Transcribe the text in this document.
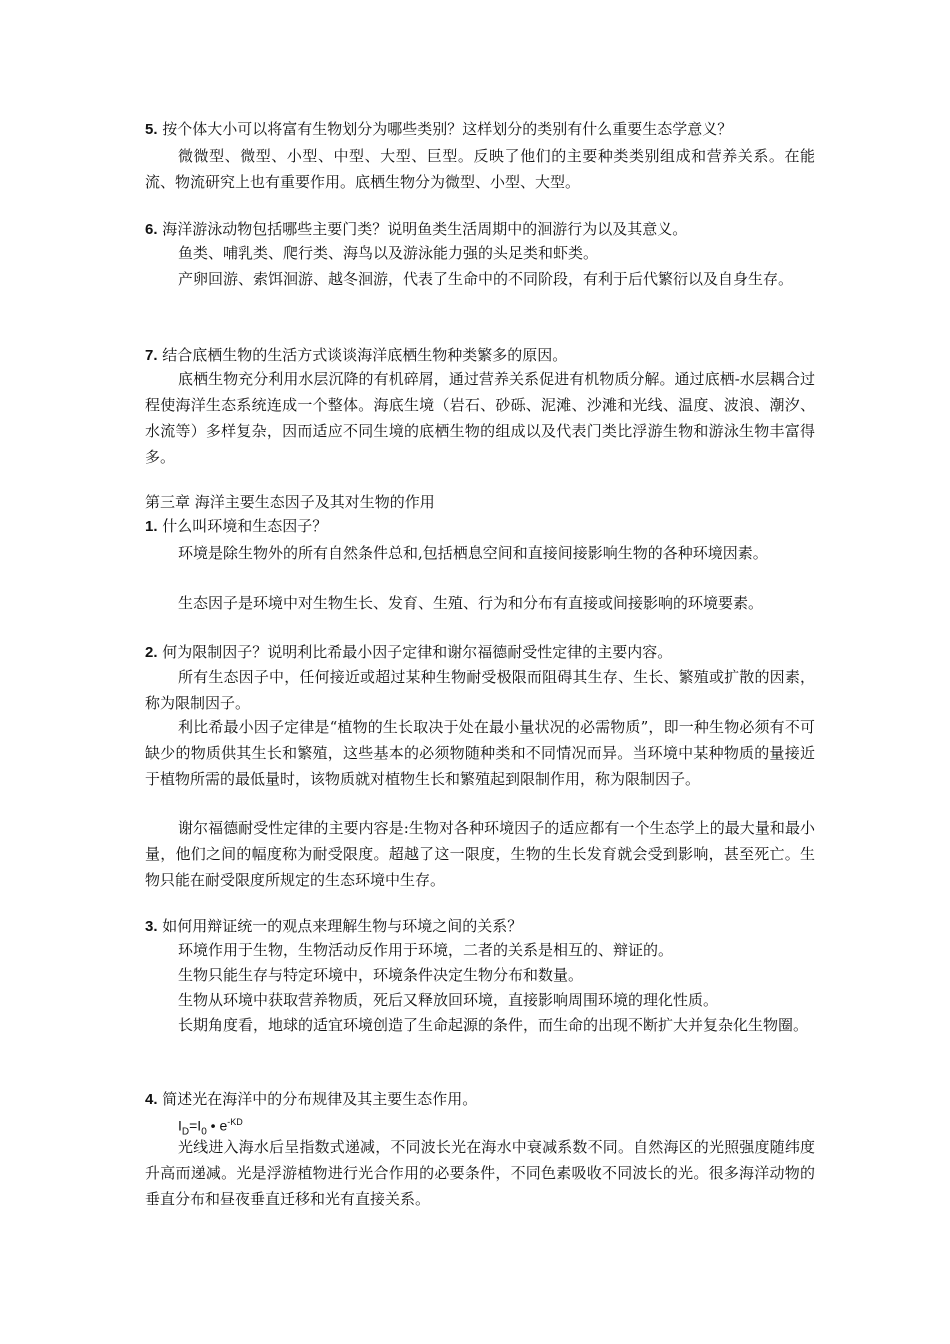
5. 按个体大小可以将富有生物划分为哪些类别？这样划分的类别有什么重要生态学意义？

微微型、微型、小型、中型、大型、巨型。反映了他们的主要种类类别组成和营养关系。在能流、物流研究上也有重要作用。底栖生物分为微型、小型、大型。

6. 海洋游泳动物包括哪些主要门类？说明鱼类生活周期中的洄游行为以及其意义。

鱼类、哺乳类、爬行类、海鸟以及游泳能力强的头足类和虾类。

产卵回游、索饵洄游、越冬洄游，代表了生命中的不同阶段，有利于后代繁衍以及自身生存。

7. 结合底栖生物的生活方式谈谈海洋底栖生物种类繁多的原因。

底栖生物充分利用水层沉降的有机碎屑，通过营养关系促进有机物质分解。通过底栖-水层耦合过程使海洋生态系统连成一个整体。海底生境（岩石、砂砾、泥滩、沙滩和光线、温度、波浪、潮汐、水流等）多样复杂，因而适应不同生境的底栖生物的组成以及代表门类比浮游生物和游泳生物丰富得多。

第三章 海洋主要生态因子及其对生物的作用

1. 什么叫环境和生态因子？

环境是除生物外的所有自然条件总和,包括栖息空间和直接间接影响生物的各种环境因素。

生态因子是环境中对生物生长、发育、生殖、行为和分布有直接或间接影响的环境要素。

2. 何为限制因子？说明利比希最小因子定律和谢尔福德耐受性定律的主要内容。

所有生态因子中，任何接近或超过某种生物耐受极限而阻碍其生存、生长、繁殖或扩散的因素，称为限制因子。

利比希最小因子定律是“植物的生长取决于处在最小量状况的必需物质”，即一种生物必须有不可缺少的物质供其生长和繁殖，这些基本的必须物随种类和不同情况而异。当环境中某种物质的量接近于植物所需的最低量时，该物质就对植物生长和繁殖起到限制作用，称为限制因子。

谢尔福德耐受性定律的主要内容是:生物对各种环境因子的适应都有一个生态学上的最大量和最小量，他们之间的幅度称为耐受限度。超越了这一限度，生物的生长发育就会受到影响，甚至死亡。生物只能在耐受限度所规定的生态环境中生存。

3. 如何用辩证统一的观点来理解生物与环境之间的关系？

环境作用于生物，生物活动反作用于环境，二者的关系是相互的、辩证的。

生物只能生存与特定环境中，环境条件决定生物分布和数量。

生物从环境中获取营养物质，死后又释放回环境，直接影响周围环境的理化性质。

长期角度看，地球的适宜环境创造了生命起源的条件，而生命的出现不断扩大并复杂化生物圈。

4. 简述光在海洋中的分布规律及其主要生态作用。

$I_D=I_0$ • $e^{-KD}$

光线进入海水后呈指数式递减，不同波长光在海水中衰减系数不同。自然海区的光照强度随纬度升高而递减。光是浮游植物进行光合作用的必要条件，不同色素吸收不同波长的光。很多海洋动物的垂直分布和昼夜垂直迁移和光有直接关系。
